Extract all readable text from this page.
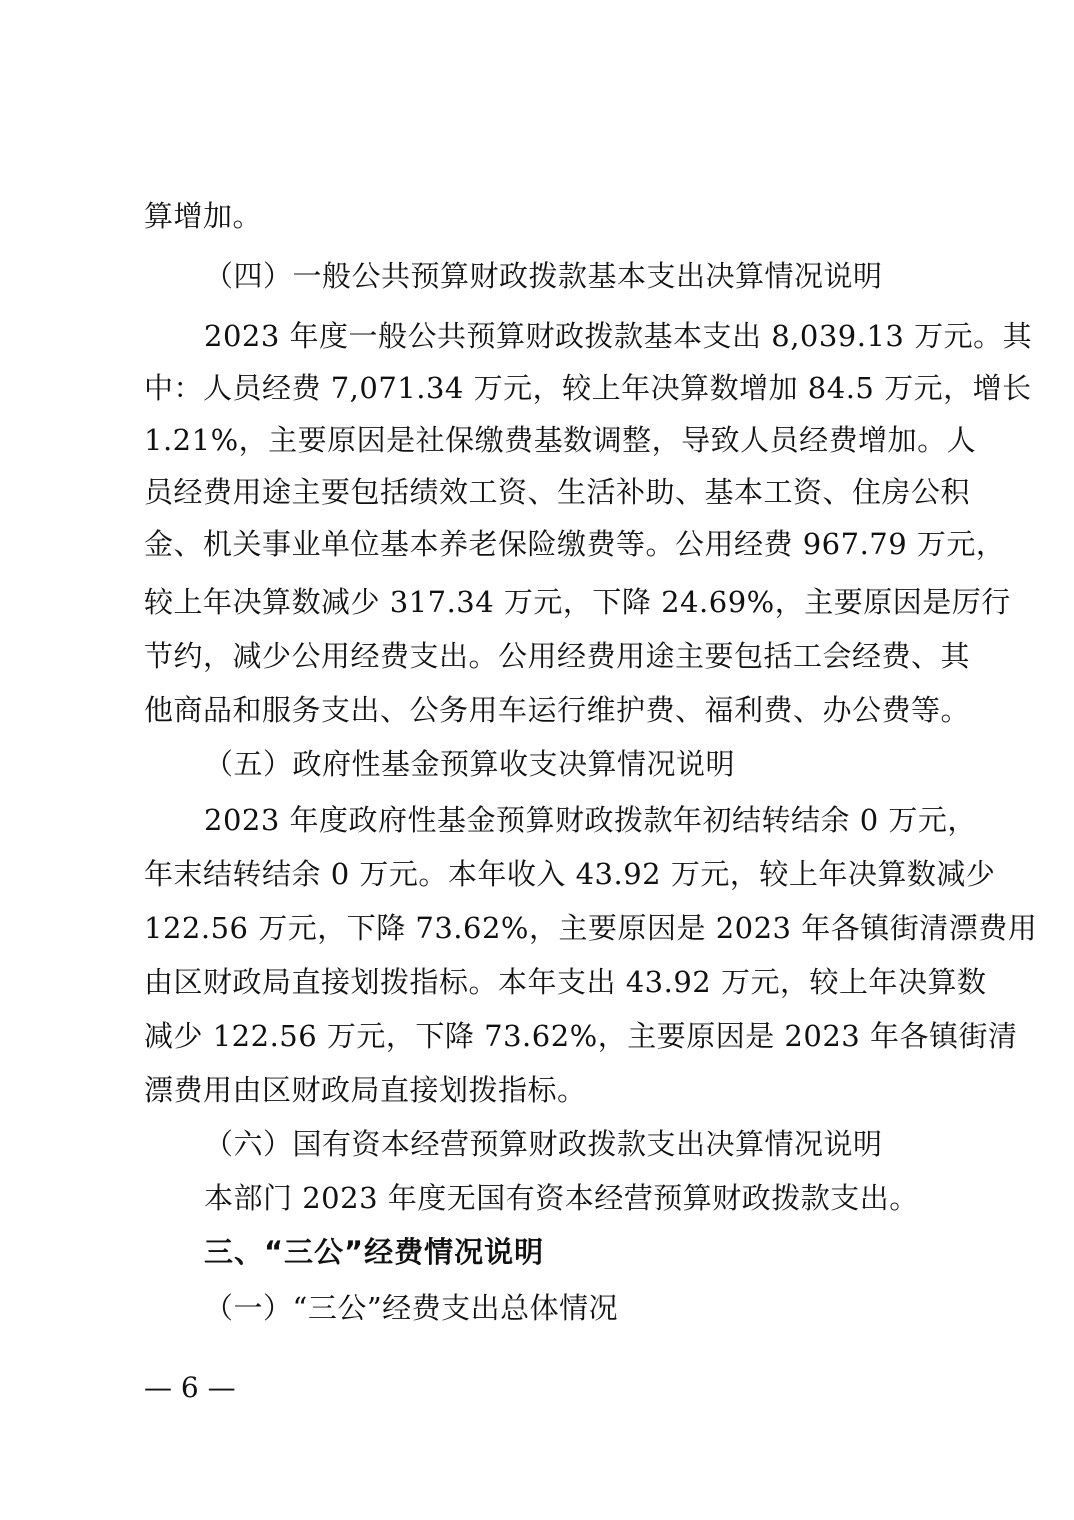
算增加。
（四）一般公共预算财政拨款基本支出决算情况说明
2023 年度一般公共预算财政拨款基本支出 8,039.13 万元。其
中：人员经费 7,071.34 万元，较上年决算数增加 84.5 万元，增长
1.21%，主要原因是社保缴费基数调整，导致人员经费增加。人
员经费用途主要包括绩效工资、生活补助、基本工资、住房公积
金、机关事业单位基本养老保险缴费等。公用经费 967.79 万元，
较上年决算数减少 317.34 万元，下降 24.69%，主要原因是厉行
节约，减少公用经费支出。公用经费用途主要包括工会经费、其
他商品和服务支出、公务用车运行维护费、福利费、办公费等。
（五）政府性基金预算收支决算情况说明
2023 年度政府性基金预算财政拨款年初结转结余 0 万元，
年末结转结余 0 万元。本年收入 43.92 万元，较上年决算数减少
122.56 万元，下降 73.62%，主要原因是 2023 年各镇街清漂费用
由区财政局直接划拨指标。本年支出 43.92 万元，较上年决算数
减少 122.56 万元，下降 73.62%，主要原因是 2023 年各镇街清
漂费用由区财政局直接划拨指标。
（六）国有资本经营预算财政拨款支出决算情况说明
本部门 2023 年度无国有资本经营预算财政拨款支出。
三、“三公”经费情况说明
（一）“三公”经费支出总体情况
— 6 —
